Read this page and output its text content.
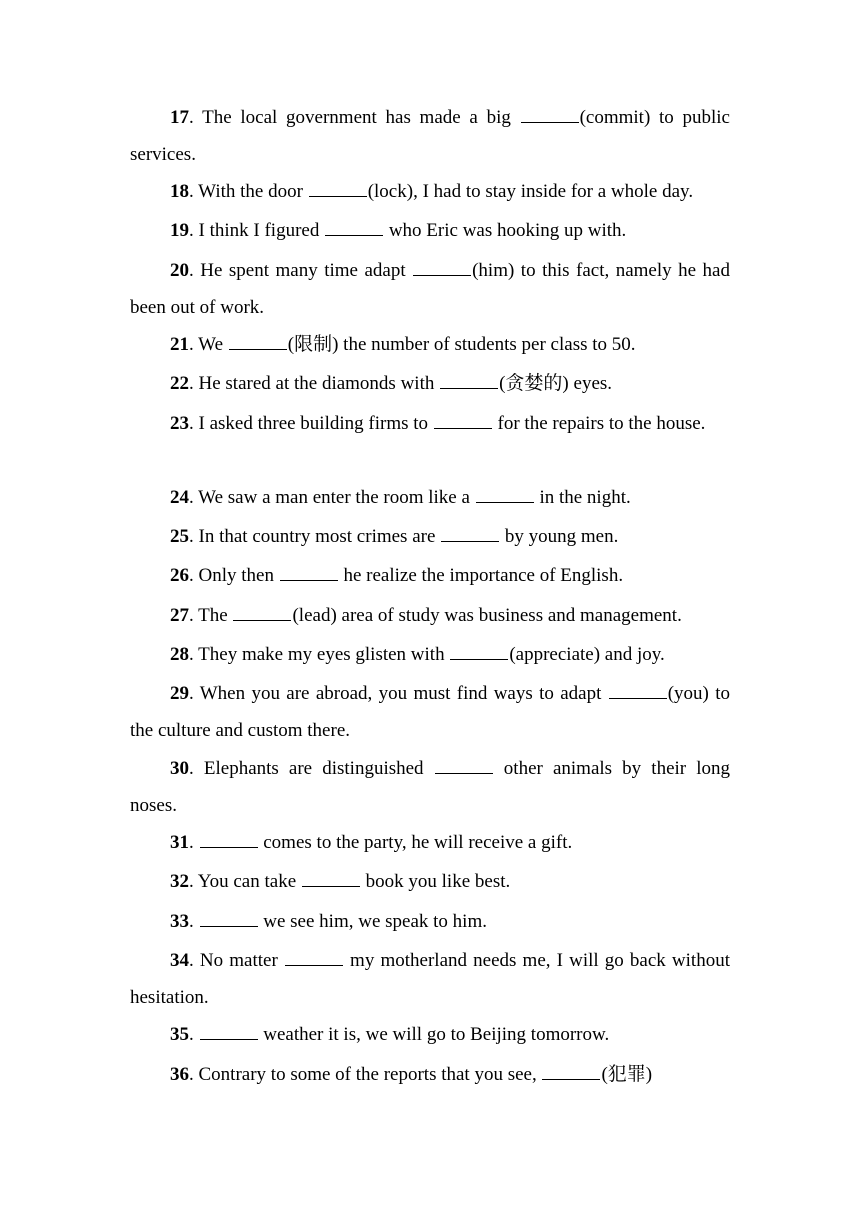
17. The local government has made a big	(commit) to public services.

18. With the door	(lock), I had to stay inside for a whole day.

19. I think I figured	who Eric was hooking up with.

20. He spent many time adapt	(him) to this fact, namely he had been out of work.

21. We	(限制) the number of students per class to 50.

22. He stared at the diamonds with	(贪婪的) eyes.

23. I asked three building firms to	for the repairs to the house.

24. We saw a man enter the room like a	in the night.

25. In that country most crimes are	by young men.

26. Only then	he realize the importance of English.

27. The	(lead) area of study was business and management.

28. They make my eyes glisten with	(appreciate) and joy.

29. When you are abroad, you must find ways to adapt	(you) to the culture and custom there.

30. Elephants are distinguished	other animals by their long noses.

31.	comes to the party, he will receive a gift.

32. You can take	book you like best.

33.	we see him, we speak to him.

34. No matter	my motherland needs me, I will go back without hesitation.

35.	weather it is, we will go to Beijing tomorrow.

36. Contrary to some of the reports that you see,	(犯罪)
